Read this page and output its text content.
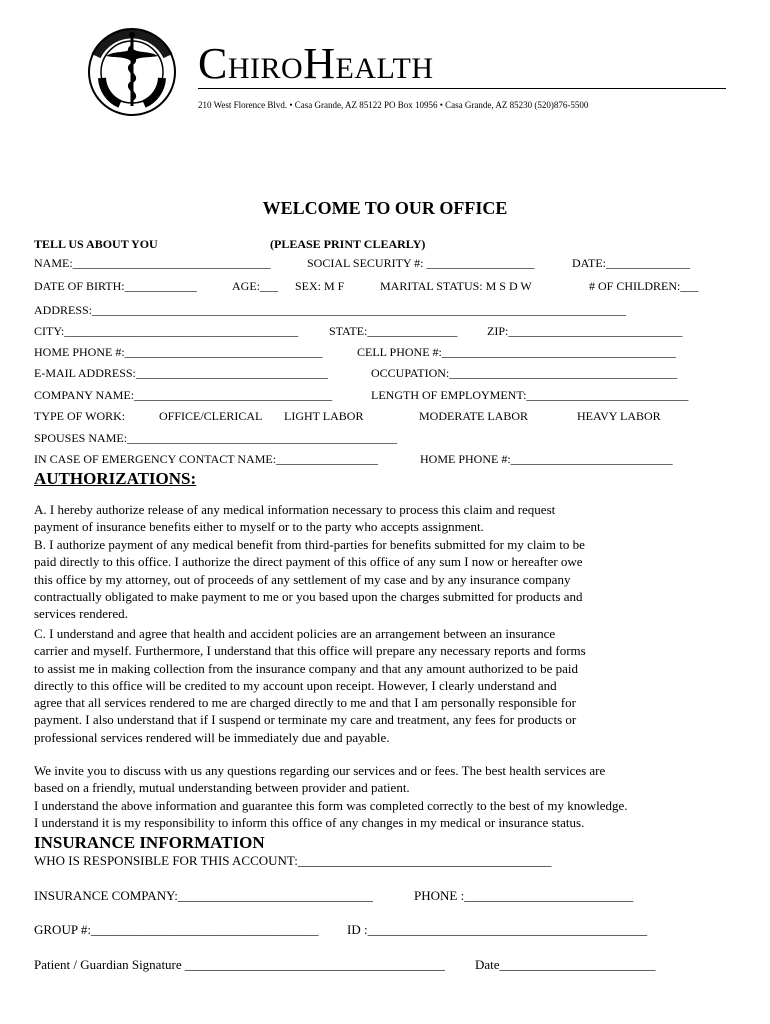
CHIROHEALTH
210 West Florence Blvd. • Casa Grande, AZ 85122 PO Box 10956 • Casa Grande, AZ 85230 (520)876-5500
WELCOME TO OUR OFFICE
TELL US ABOUT YOU	(PLEASE PRINT CLEARLY)
NAME:_________________________________	SOCIAL SECURITY #: __________________	DATE:______________
DATE OF BIRTH:____________	AGE:___ SEX: M F	MARITAL STATUS: M S D W	# OF CHILDREN:___
ADDRESS:_________________________________________________________________________________________
CITY:_______________________________________	STATE:_______________ ZIP:_____________________________
HOME PHONE #:_________________________________	CELL PHONE #:_______________________________________
E-MAIL ADDRESS:________________________________	OCCUPATION:______________________________________
COMPANY NAME:_________________________________	LENGTH OF EMPLOYMENT:___________________________
TYPE OF WORK:	OFFICE/CLERICAL LIGHT LABOR	MODERATE LABOR	HEAVY LABOR
SPOUSES NAME:_____________________________________________
IN CASE OF EMERGENCY CONTACT NAME:_________________	HOME PHONE #:___________________________
AUTHORIZATIONS:

A. I hereby authorize release of any medical information necessary to process this claim and request
payment of insurance benefits either to myself or to the party who accepts assignment.

B. I authorize payment of any medical benefit from third-parties for benefits submitted for my claim to be
paid directly to this office. I authorize the direct payment of this office of any sum I now or hereafter owe
this office by my attorney, out of proceeds of any settlement of my case and by any insurance company
contractually obligated to make payment to me or you based upon the charges submitted for products and
services rendered.

C. I understand and agree that health and accident policies are an arrangement between an insurance
carrier and myself. Furthermore, I understand that this office will prepare any necessary reports and forms
to assist me in making collection from the insurance company and that any amount authorized to be paid
directly to this office will be credited to my account upon receipt. However, I clearly understand and
agree that all services rendered to me are charged directly to me and that I am personally responsible for
payment. I also understand that if I suspend or terminate my care and treatment, any fees for products or
professional services rendered will be immediately due and payable.

We invite you to discuss with us any questions regarding our services and or fees. The best health services are
based on a friendly, mutual understanding between provider and patient.
I understand the above information and guarantee this form was completed correctly to the best of my knowledge.
I understand it is my responsibility to inform this office of any changes in my medical or insurance status.

INSURANCE INFORMATION
WHO IS RESPONSIBLE FOR THIS ACCOUNT:_______________________________________
INSURANCE COMPANY:______________________________	PHONE :__________________________
GROUP #:___________________________________ ID :___________________________________________
Patient / Guardian Signature ________________________________________ Date________________________
